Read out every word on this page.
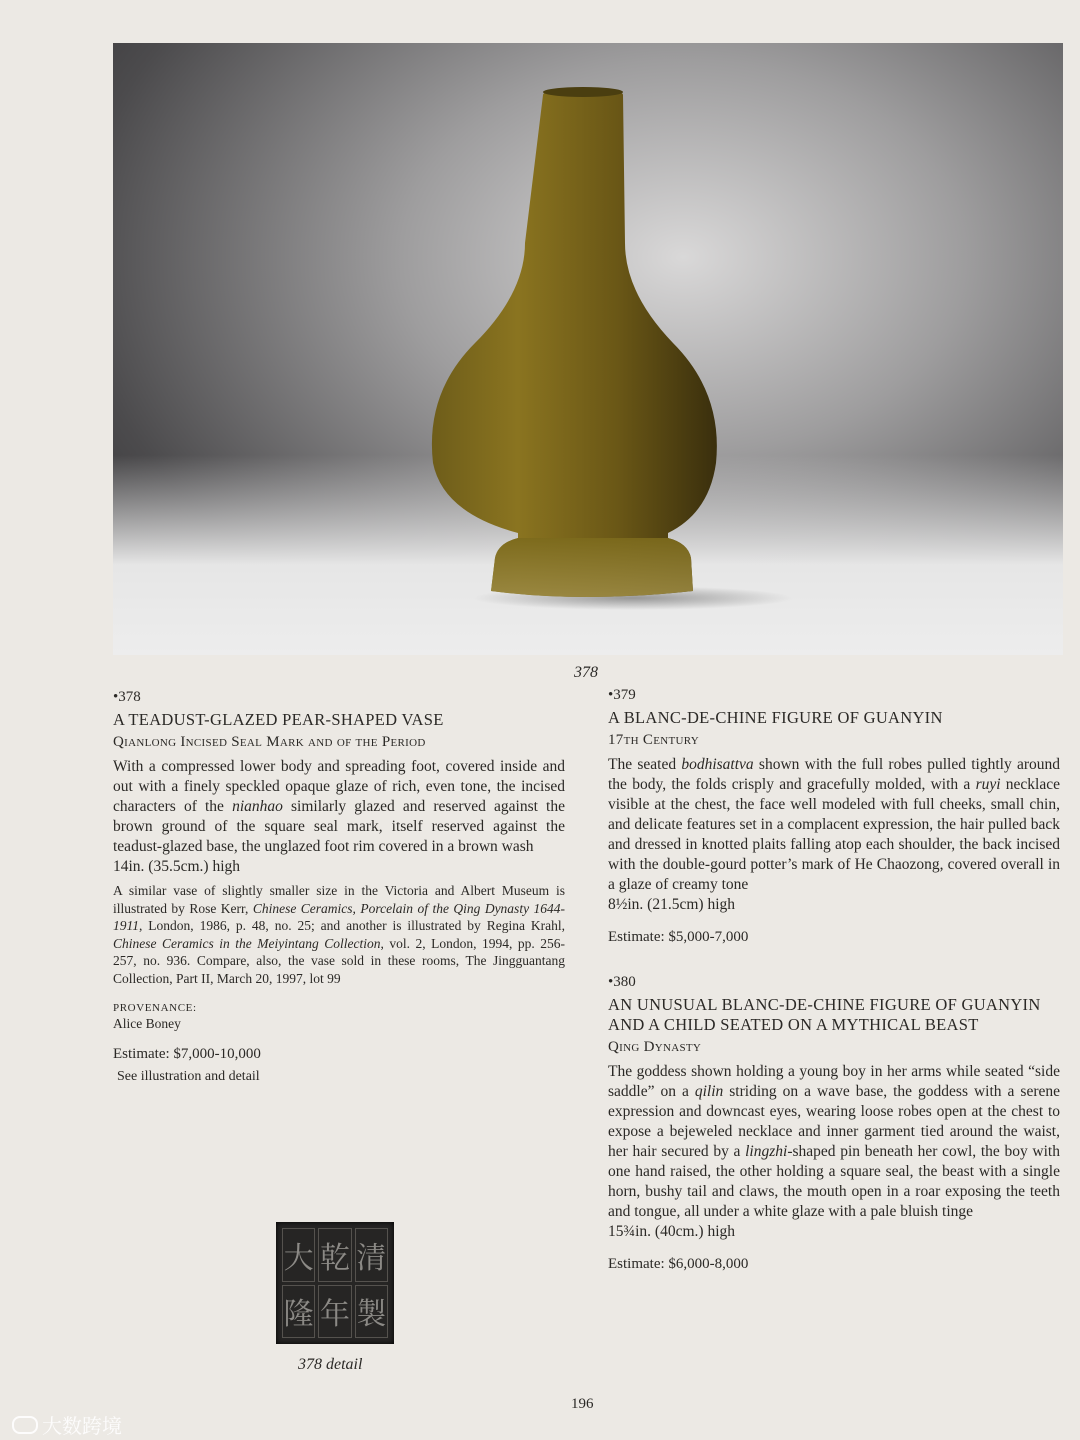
378
•378
A TEADUST-GLAZED PEAR-SHAPED VASE
Qianlong Incised Seal Mark and of the Period
With a compressed lower body and spreading foot, covered inside and out with a finely speckled opaque glaze of rich, even tone, the incised characters of the nianhao similarly glazed and reserved against the brown ground of the square seal mark, itself reserved against the teadust-glazed base, the unglazed foot rim covered in a brown wash
14in. (35.5cm.) high
A similar vase of slightly smaller size in the Victoria and Albert Museum is illustrated by Rose Kerr, Chinese Ceramics, Porcelain of the Qing Dynasty 1644-1911, London, 1986, p. 48, no. 25; and another is illustrated by Regina Krahl, Chinese Ceramics in the Meiyintang Collection, vol. 2, London, 1994, pp. 256-257, no. 936. Compare, also, the vase sold in these rooms, The Jingguantang Collection, Part II, March 20, 1997, lot 99
PROVENANCE:
Alice Boney
Estimate: $7,000-10,000
See illustration and detail
•379
A BLANC-DE-CHINE FIGURE OF GUANYIN
17th Century
The seated bodhisattva shown with the full robes pulled tightly around the body, the folds crisply and gracefully molded, with a ruyi necklace visible at the chest, the face well modeled with full cheeks, small chin, and delicate features set in a complacent expression, the hair pulled back and dressed in knotted plaits falling atop each shoulder, the back incised with the double-gourd potter’s mark of He Chaozong, covered overall in a glaze of creamy tone
8½in. (21.5cm) high
Estimate: $5,000-7,000
•380
AN UNUSUAL BLANC-DE-CHINE FIGURE OF GUANYIN AND A CHILD SEATED ON A MYTHICAL BEAST
Qing Dynasty
The goddess shown holding a young boy in her arms while seated “side saddle” on a qilin striding on a wave base, the goddess with a serene expression and downcast eyes, wearing loose robes open at the chest to expose a bejeweled necklace and inner garment tied around the waist, her hair secured by a lingzhi-shaped pin beneath her cowl, the boy with one hand raised, the other holding a square seal, the beast with a single horn, bushy tail and claws, the mouth open in a roar exposing the teeth and tongue, all under a white glaze with a pale bluish tinge
15¾in. (40cm.) high
Estimate: $6,000-8,000
大 乾 清
隆 年 製
378 detail
196
大数跨境
